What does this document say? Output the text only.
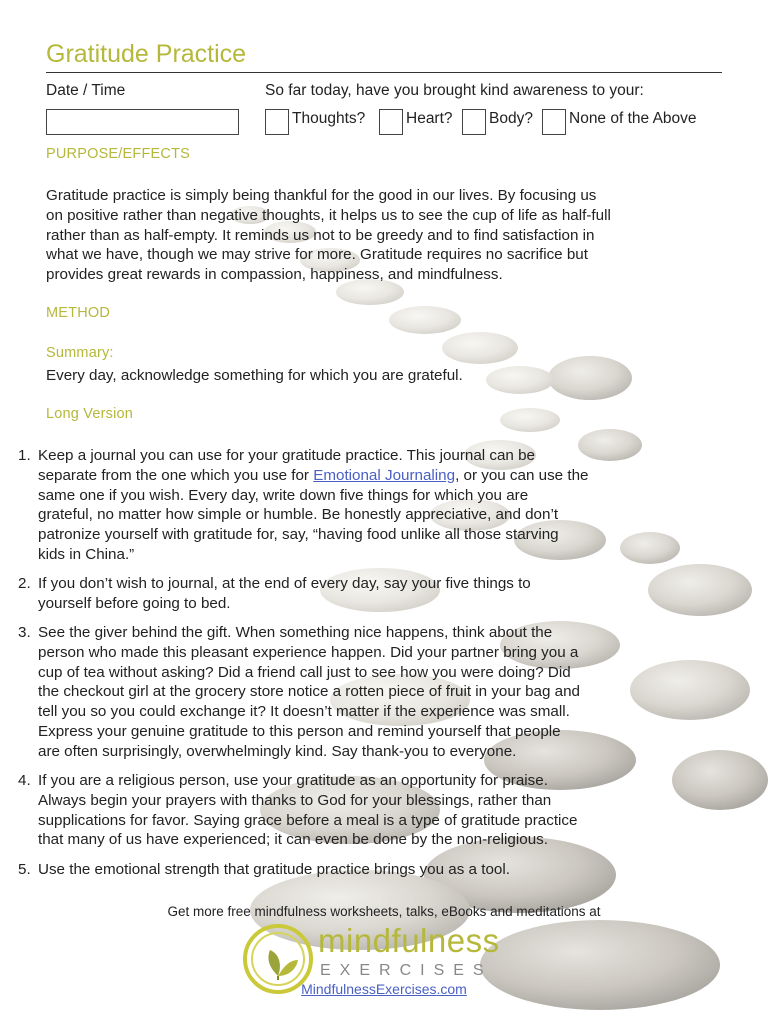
Gratitude Practice
Date / Time	So far today, have you brought kind awareness to your:
Thoughts?	Heart? Body? None of the Above
PURPOSE/EFFECTS
Gratitude practice is simply being thankful for the good in our lives. By focusing us
on positive rather than negative thoughts, it helps us to see the cup of life as half-full
rather than as half-empty. It reminds us not to be greedy and to find satisfaction in
what we have, though we may strive for more. Gratitude requires no sacrifice but
provides great rewards in compassion, happiness, and mindfulness.
METHOD
Summary:
Every day, acknowledge something for which you are grateful.
Long Version
1. Keep a journal you can use for your gratitude practice. This journal can be
separate from the one which you use for Emotional Journaling, or you can use the
same one if you wish. Every day, write down five things for which you are
grateful, no matter how simple or humble. Be honestly appreciative, and don’t
patronize yourself with gratitude for, say, “having food unlike all those starving
kids in China.”
2. If you don’t wish to journal, at the end of every day, say your five things to
yourself before going to bed.
3. See the giver behind the gift. When something nice happens, think about the
person who made this pleasant experience happen. Did your partner bring you a
cup of tea without asking? Did a friend call just to see how you were doing? Did
the checkout girl at the grocery store notice a rotten piece of fruit in your bag and
tell you so you could exchange it? It doesn’t matter if the experience was small.
Express your genuine gratitude to this person and remind yourself that people
are often surprisingly, overwhelmingly kind. Say thank-you to everyone.
4. If you are a religious person, use your gratitude as an opportunity for praise.
Always begin your prayers with thanks to God for your blessings, rather than
supplications for favor. Saying grace before a meal is a type of gratitude practice
that many of us have experienced; it can even be done by the non-religious.
5. Use the emotional strength that gratitude practice brings you as a tool.
Get more free mindfulness worksheets, talks, eBooks and meditations at
mindfulness
EXERCISES
MindfulnessExercises.com
